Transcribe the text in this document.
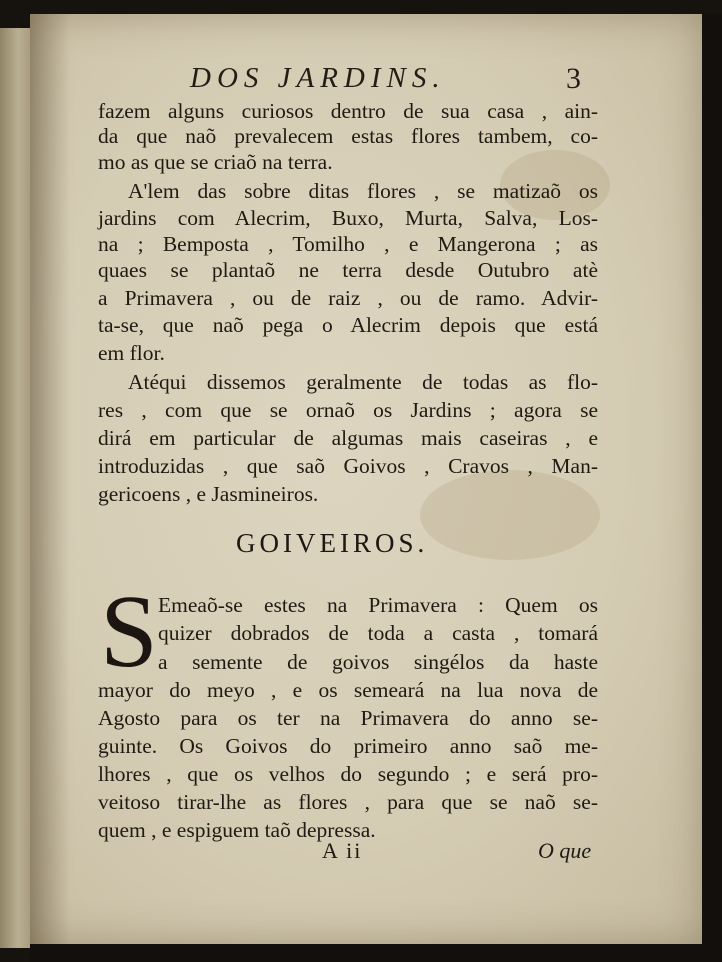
DOS JARDINS.	3
fazem alguns curiosos dentro de sua casa , ain-
da que naõ prevalecem estas flores tambem, co-
mo as que se criaõ na terra.
A'lem das sobre ditas flores , se matizaõ os
jardins com Alecrim, Buxo, Murta, Salva, Los-
na ; Bemposta , Tomilho , e Mangerona ; as
quaes se plantaõ ne terra desde Outubro atè
a Primavera , ou de raiz , ou de ramo. Advir-
ta-se, que naõ pega o Alecrim depois que está
em flor.
Atéqui dissemos geralmente de todas as flo-
res , com que se ornaõ os Jardins ; agora se
dirá em particular de algumas mais caseiras , e
introduzidas , que saõ Goivos , Cravos , Man-
gericoens , e Jasmineiros.
GOIVEIROS.
S Emeaõ-se estes na Primavera : Quem os
quizer dobrados de toda a casta , tomará
a semente de goivos singélos da haste
mayor do meyo , e os semeará na lua nova de
Agosto para os ter na Primavera do anno se-
guinte. Os Goivos do primeiro anno saõ me-
lhores , que os velhos do segundo ; e será pro-
veitoso tirar-lhe as flores , para que se naõ se-
quem , e espiguem taõ depressa.
A ii	O que
